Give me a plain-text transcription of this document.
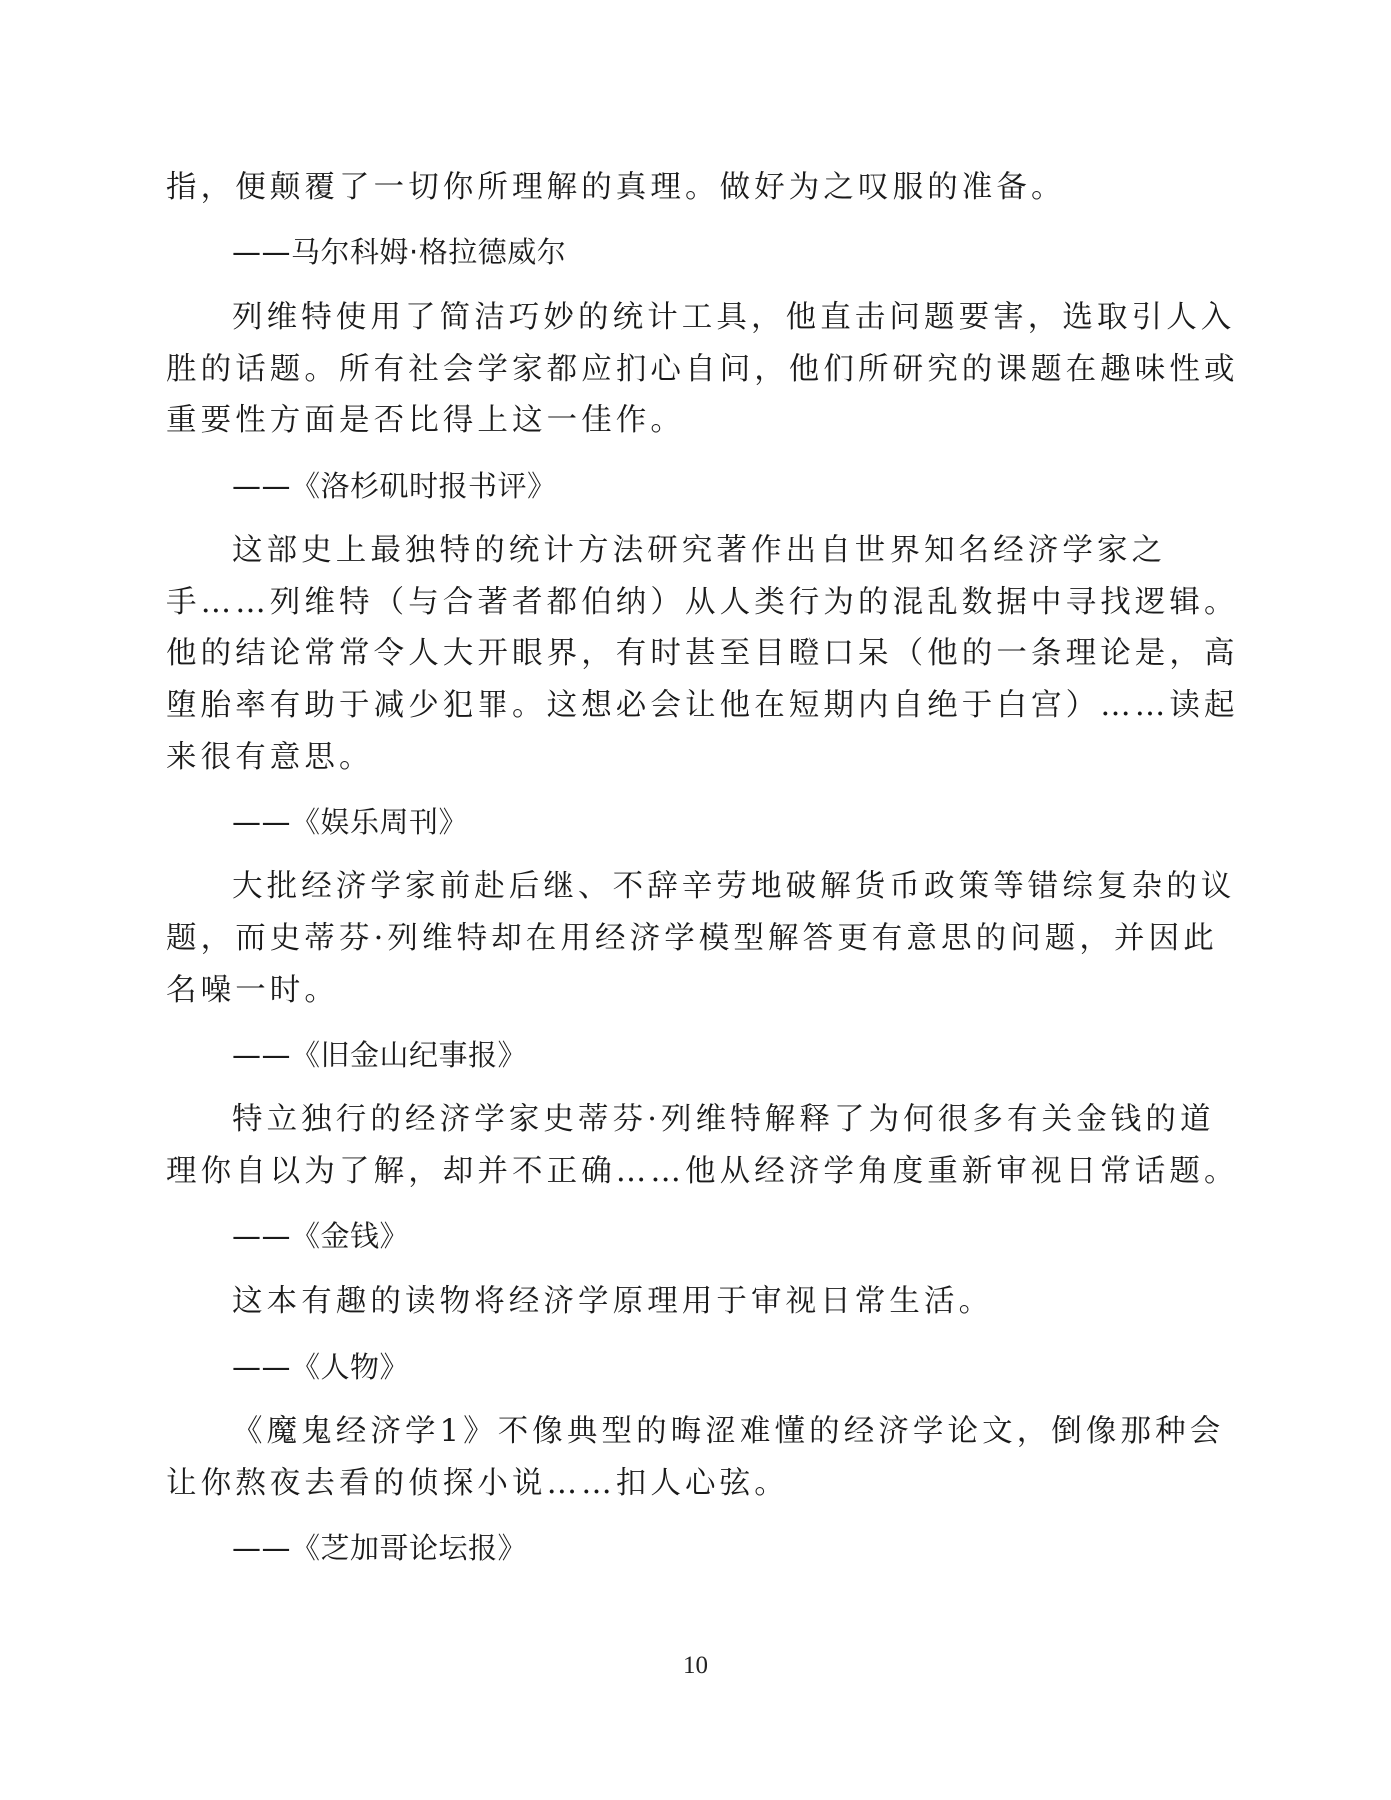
指，便颠覆了一切你所理解的真理。做好为之叹服的准备。
——马尔科姆·格拉德威尔
列维特使用了简洁巧妙的统计工具，他直击问题要害，选取引人入
胜的话题。所有社会学家都应扪心自问，他们所研究的课题在趣味性或
重要性方面是否比得上这一佳作。
——《洛杉矶时报书评》
这部史上最独特的统计方法研究著作出自世界知名经济学家之
手……列维特（与合著者都伯纳）从人类行为的混乱数据中寻找逻辑。
他的结论常常令人大开眼界，有时甚至目瞪口呆（他的一条理论是，高
堕胎率有助于减少犯罪。这想必会让他在短期内自绝于白宫）……读起
来很有意思。
——《娱乐周刊》
大批经济学家前赴后继、不辞辛劳地破解货币政策等错综复杂的议
题，而史蒂芬·列维特却在用经济学模型解答更有意思的问题，并因此
名噪一时。
——《旧金山纪事报》
特立独行的经济学家史蒂芬·列维特解释了为何很多有关金钱的道
理你自以为了解，却并不正确……他从经济学角度重新审视日常话题。
——《金钱》
这本有趣的读物将经济学原理用于审视日常生活。
——《人物》
《魔鬼经济学1》不像典型的晦涩难懂的经济学论文，倒像那种会
让你熬夜去看的侦探小说……扣人心弦。
——《芝加哥论坛报》
10
